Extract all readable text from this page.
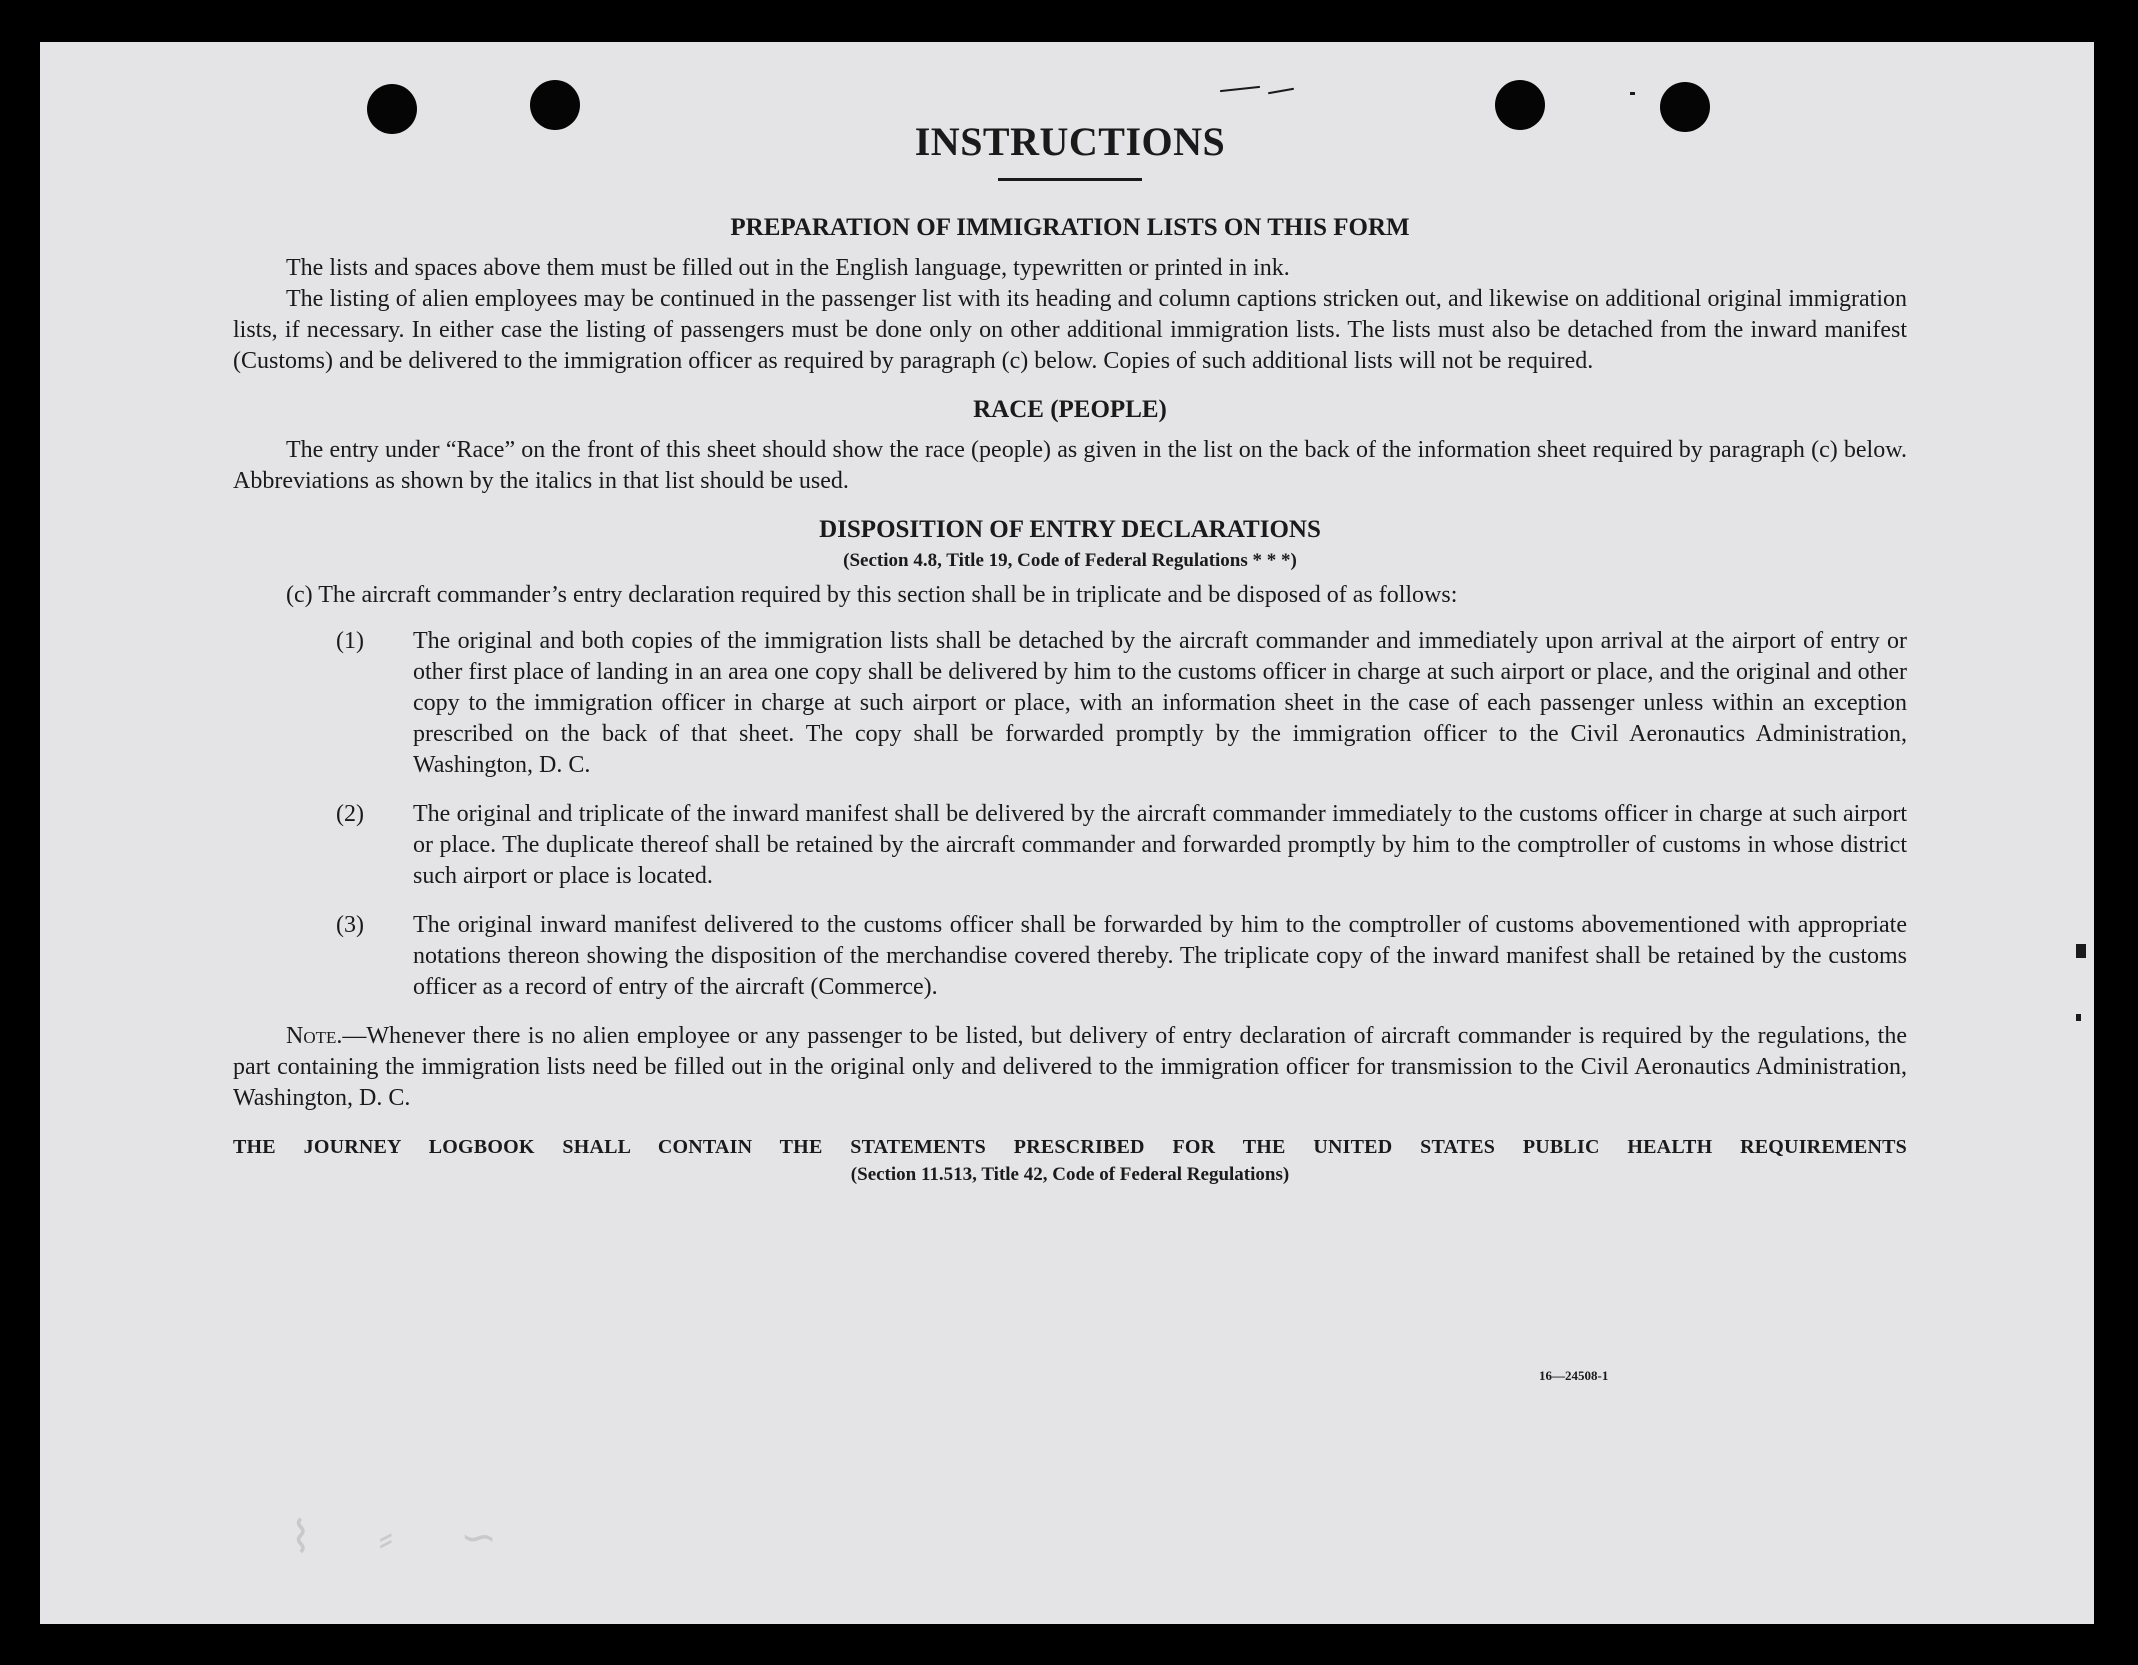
⌇ ⸗ ∽
INSTRUCTIONS
PREPARATION OF IMMIGRATION LISTS ON THIS FORM

The lists and spaces above them must be filled out in the English language, typewritten or printed in ink.

The listing of alien employees may be continued in the passenger list with its heading and column captions stricken out, and likewise on additional original immigration lists, if necessary. In either case the listing of passengers must be done only on other additional immigration lists. The lists must also be detached from the inward manifest (Customs) and be delivered to the immigration officer as required by paragraph (c) below. Copies of such additional lists will not be required.

RACE (PEOPLE)

The entry under “Race” on the front of this sheet should show the race (people) as given in the list on the back of the information sheet required by paragraph (c) below. Abbreviations as shown by the italics in that list should be used.

DISPOSITION OF ENTRY DECLARATIONS

(Section 4.8, Title 19, Code of Federal Regulations * * *)

(c) The aircraft commander’s entry declaration required by this section shall be in triplicate and be disposed of as follows:

(1) The original and both copies of the immigration lists shall be detached by the aircraft commander and immediately upon arrival at the airport of entry or other first place of landing in an area one copy shall be delivered by him to the customs officer in charge at such airport or place, and the original and other copy to the immigration officer in charge at such airport or place, with an information sheet in the case of each passenger unless within an exception prescribed on the back of that sheet. The copy shall be forwarded promptly by the immigration officer to the Civil Aeronautics Administration, Washington, D. C.
(2) The original and triplicate of the inward manifest shall be delivered by the aircraft commander immediately to the customs officer in charge at such airport or place. The duplicate thereof shall be retained by the aircraft commander and forwarded promptly by him to the comptroller of customs in whose district such airport or place is located.
(3) The original inward manifest delivered to the customs officer shall be forwarded by him to the comptroller of customs abovementioned with appropriate notations thereon showing the disposition of the merchandise covered thereby. The triplicate copy of the inward manifest shall be retained by the customs officer as a record of entry of the aircraft (Commerce).

Note.—Whenever there is no alien employee or any passenger to be listed, but delivery of entry declaration of aircraft commander is required by the regulations, the part containing the immigration lists need be filled out in the original only and delivered to the immigration officer for transmission to the Civil Aeronautics Administration, Washington, D. C.

THE JOURNEY LOGBOOK SHALL CONTAIN THE STATEMENTS PRESCRIBED FOR THE UNITED STATES PUBLIC HEALTH REQUIREMENTS

(Section 11.513, Title 42, Code of Federal Regulations)

16—24508-1
